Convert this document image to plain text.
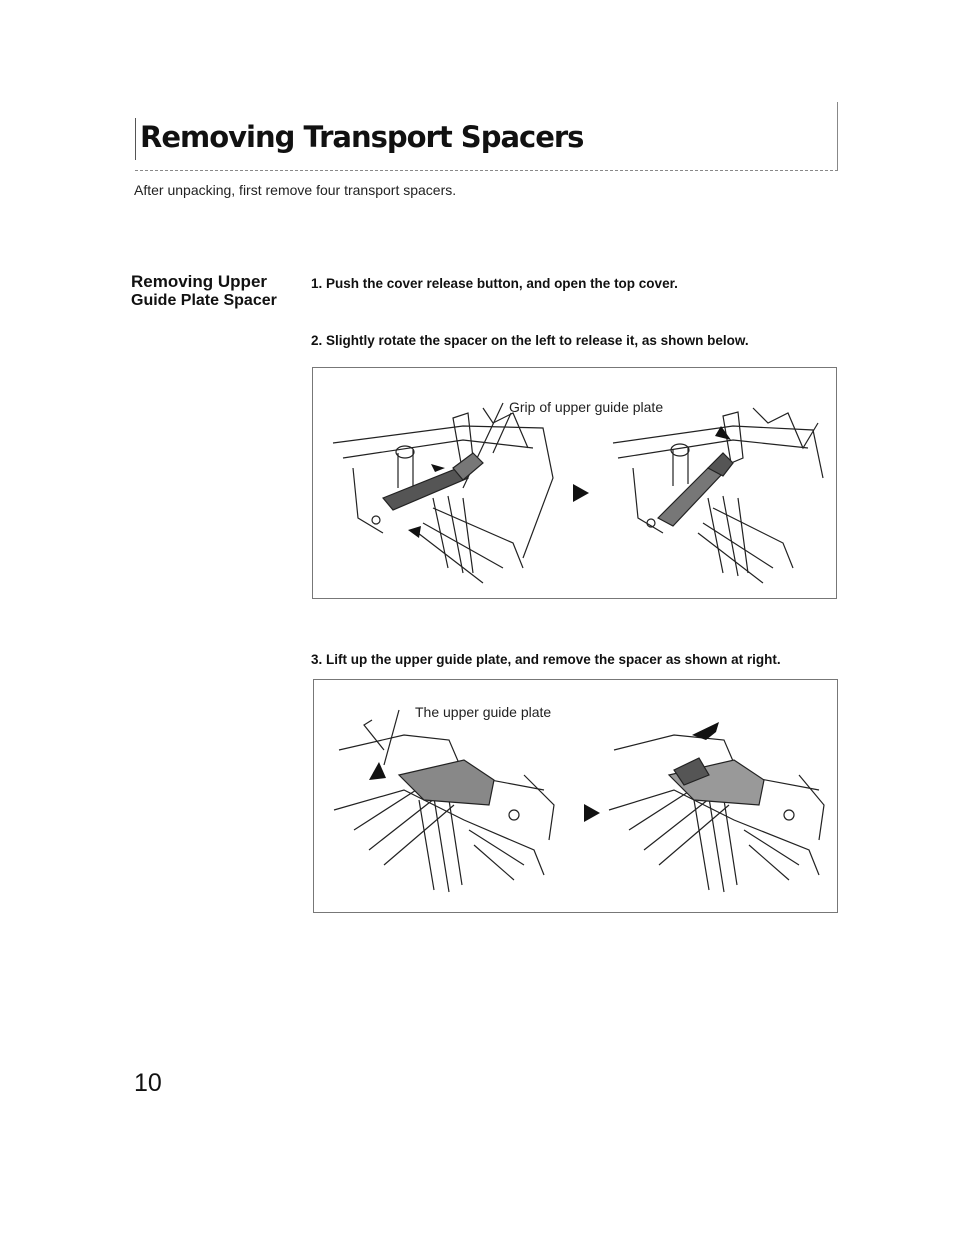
Removing Transport Spacers
After unpacking, first remove four transport spacers.
Removing Upper
Guide Plate Spacer
1. Push the cover release button, and open the top cover.
2. Slightly rotate the spacer on the left to release it, as shown below.
Grip of upper guide plate
3. Lift up the upper guide plate, and remove the spacer as shown at right.
The upper guide plate
10
